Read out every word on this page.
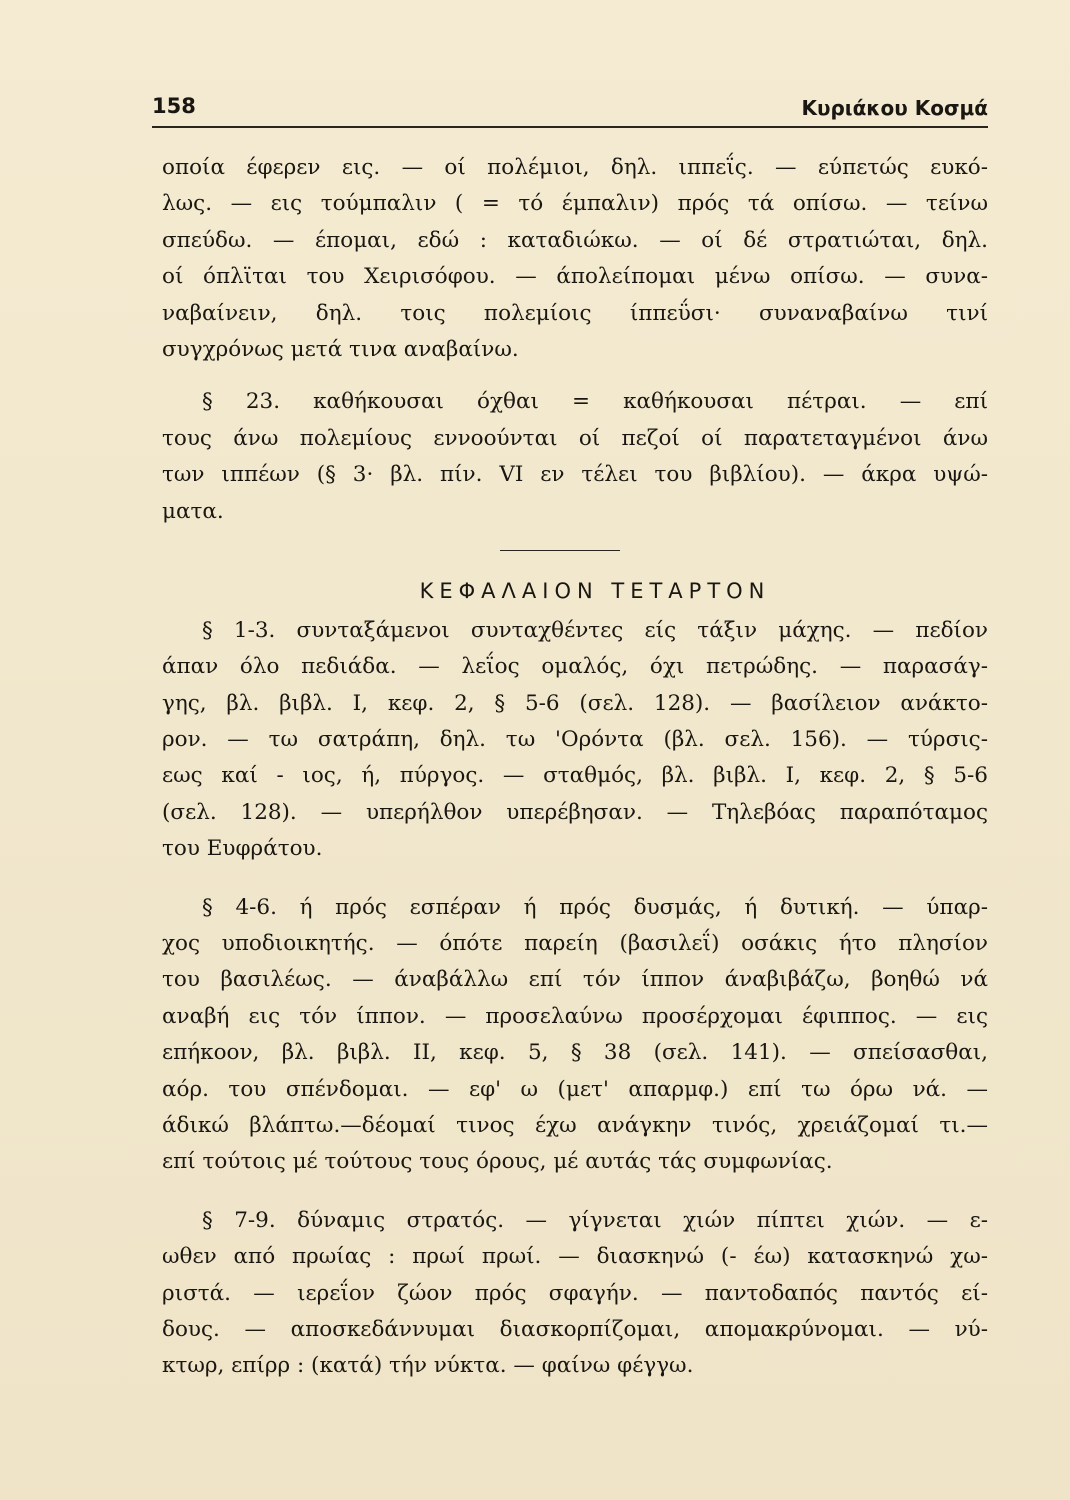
158	Κυριάκου Κοσμά
οποία έφερεν εις. — οί πολέμιοι, δηλ. ιππεΐς. — εύπετώς ευκό-
λως. — εις τούμπαλιν ( = τό έμπαλιν) πρός τά οπίσω. — τείνω
σπεύδω. — έπομαι, εδώ : καταδιώκω. — οί δέ στρατιώται, δηλ.
οί όπλϊται του Χειρισόφου. — άπολείπομαι μένω οπίσω. — συνα-
ναβαίνειν, δηλ. τοις πολεμίοις ίππεΰσι· συναναβαίνω τινί
συγχρόνως μετά τινα αναβαίνω.
§ 23. καθήκουσαι όχθαι = καθήκουσαι πέτραι. — επί
τους άνω πολεμίους εννοούνται οί πεζοί οί παρατεταγμένοι άνω
των ιππέων (§ 3· βλ. πίν. VI εν τέλει του βιβλίου). — άκρα υψώ-
ματα.
ΚΕΦΑΛΑΙΟΝ ΤΕΤΑΡΤΟΝ
§ 1-3. συνταξάμενοι συνταχθέντες είς τάξιν μάχης. — πεδίον
άπαν όλο πεδιάδα. — λεΐος ομαλός, όχι πετρώδης. — παρασάγ-
γης, βλ. βιβλ. I, κεφ. 2, § 5-6 (σελ. 128). — βασίλειον ανάκτο-
ρον. — τω σατράπη, δηλ. τω 'Ορόντα (βλ. σελ. 156). — τύρσις-
εως καί - ιος, ή, πύργος. — σταθμός, βλ. βιβλ. I, κεφ. 2, § 5-6
(σελ. 128). — υπερήλθον υπερέβησαν. — Τηλεβόας παραπόταμος
του Ευφράτου.
§ 4-6. ή πρός εσπέραν ή πρός δυσμάς, ή δυτική. — ύπαρ-
χος υποδιοικητής. — όπότε παρείη (βασιλεΐ) οσάκις ήτο πλησίον
του βασιλέως. — άναβάλλω επί τόν ίππον άναβιβάζω, βοηθώ νά
αναβή εις τόν ίππον. — προσελαύνω προσέρχομαι έφιππος. — εις
επήκοον, βλ. βιβλ. II, κεφ. 5, § 38 (σελ. 141). — σπείσασθαι,
αόρ. του σπένδομαι. — εφ' ω (μετ' απαρμφ.) επί τω όρω νά. —
άδικώ βλάπτω.—δέομαί τινος έχω ανάγκην τινός, χρειάζομαί τι.—
επί τούτοις μέ τούτους τους όρους, μέ αυτάς τάς συμφωνίας.
§ 7-9. δύναμις στρατός. — γίγνεται χιών πίπτει χιών. — ε-
ωθεν από πρωίας : πρωί πρωί. — διασκηνώ (- έω) κατασκηνώ χω-
ριστά. — ιερεΐον ζώον πρός σφαγήν. — παντοδαπός παντός εί-
δους. — αποσκεδάννυμαι διασκορπίζομαι, απομακρύνομαι. — νύ-
κτωρ, επίρρ : (κατά) τήν νύκτα. — φαίνω φέγγω.
